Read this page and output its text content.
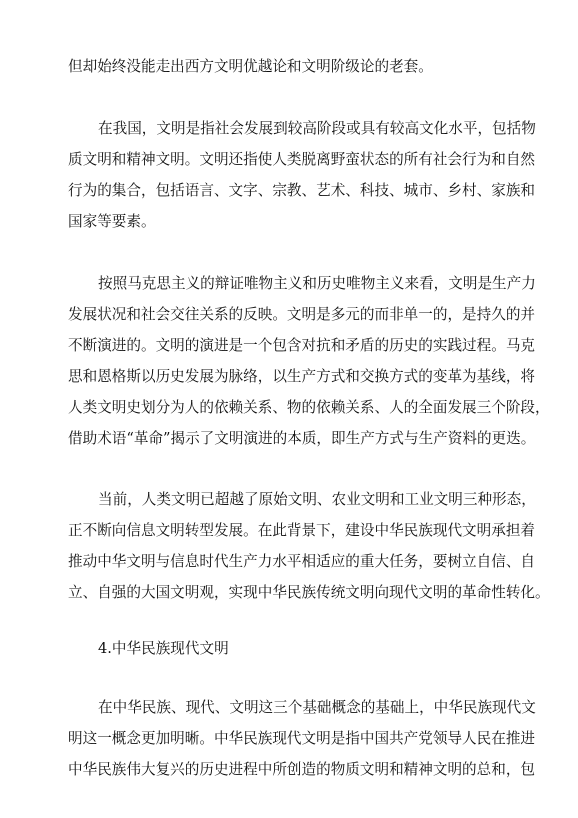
但却始终没能走出西方文明优越论和文明阶级论的老套。
在我国，文明是指社会发展到较高阶段或具有较高文化水平，包括物
质文明和精神文明。文明还指使人类脱离野蛮状态的所有社会行为和自然
行为的集合，包括语言、文字、宗教、艺术、科技、城市、乡村、家族和
国家等要素。
按照马克思主义的辩证唯物主义和历史唯物主义来看，文明是生产力
发展状况和社会交往关系的反映。文明是多元的而非单一的，是持久的并
不断演进的。文明的演进是一个包含对抗和矛盾的历史的实践过程。马克
思和恩格斯以历史发展为脉络，以生产方式和交换方式的变革为基线，将
人类文明史划分为人的依赖关系、物的依赖关系、人的全面发展三个阶段，
借助术语“革命”揭示了文明演进的本质，即生产方式与生产资料的更迭。
当前，人类文明已超越了原始文明、农业文明和工业文明三种形态，
正不断向信息文明转型发展。在此背景下，建设中华民族现代文明承担着
推动中华文明与信息时代生产力水平相适应的重大任务，要树立自信、自
立、自强的大国文明观，实现中华民族传统文明向现代文明的革命性转化。
4.中华民族现代文明
在中华民族、现代、文明这三个基础概念的基础上，中华民族现代文
明这一概念更加明晰。中华民族现代文明是指中国共产党领导人民在推进
中华民族伟大复兴的历史进程中所创造的物质文明和精神文明的总和，包
